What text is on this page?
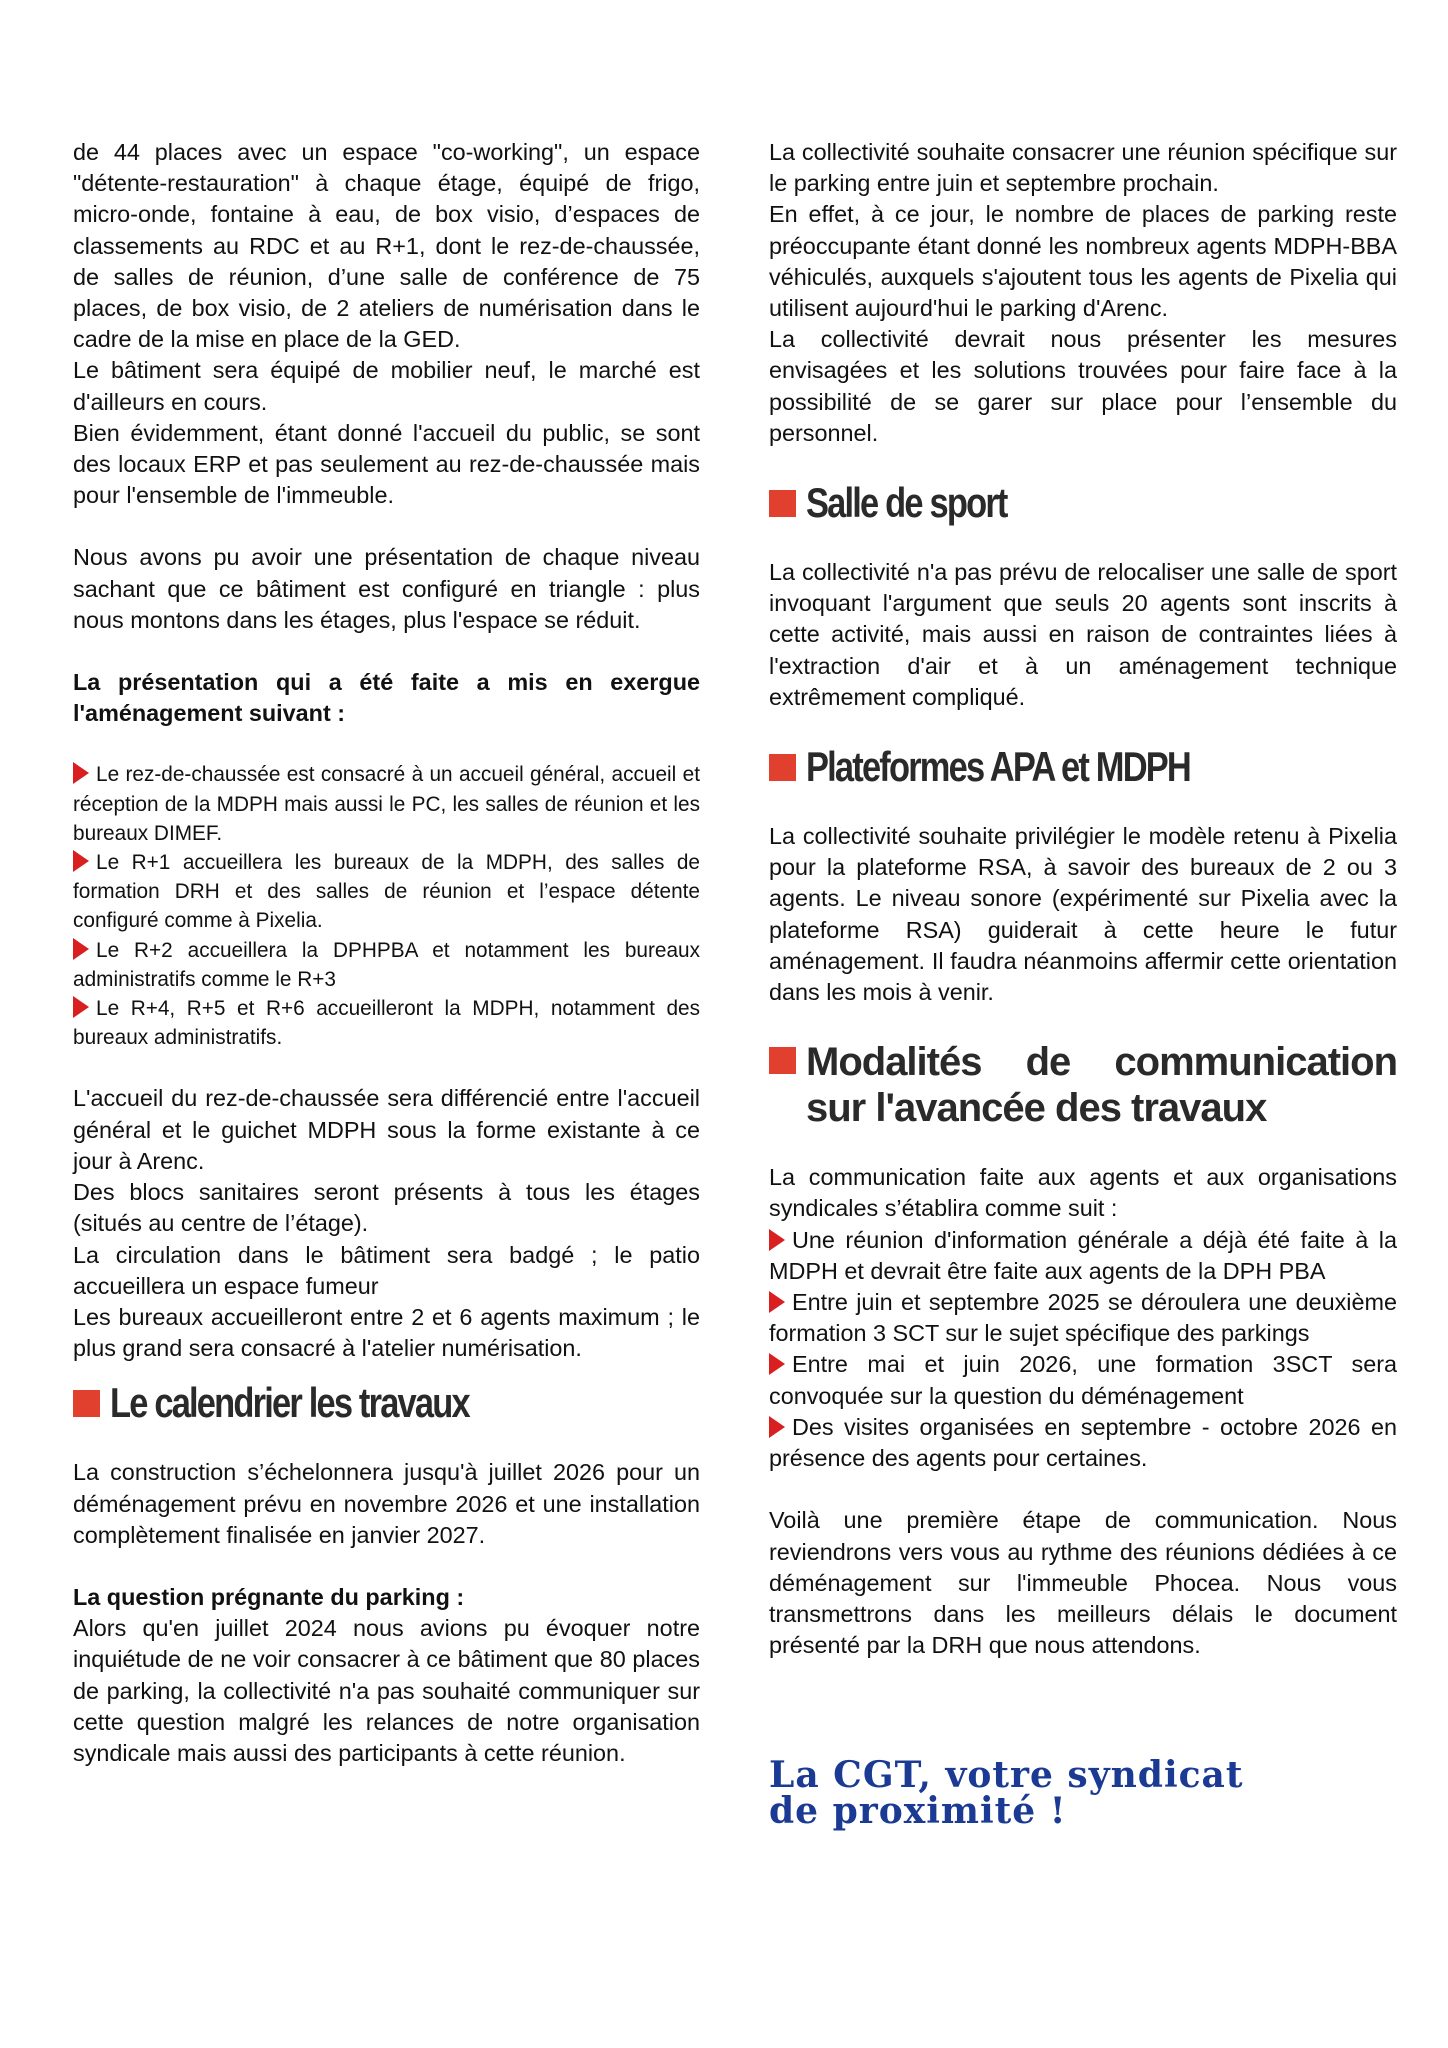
de 44 places avec un espace "co-working", un espace "détente-restauration" à chaque étage, équipé de frigo, micro-onde, fontaine à eau, de box visio, d’espaces de classements au RDC et au R+1, dont le rez-de-chaussée, de salles de réunion, d’une salle de conférence de 75 places, de box visio, de 2 ateliers de numérisation dans le cadre de la mise en place de la GED.

Le bâtiment sera équipé de mobilier neuf, le marché est d'ailleurs en cours.

Bien évidemment, étant donné l'accueil du public, se sont des locaux ERP et pas seulement au rez-de-chaussée mais pour l'ensemble de l'immeuble.

Nous avons pu avoir une présentation de chaque niveau sachant que ce bâtiment est configuré en triangle : plus nous montons dans les étages, plus l'espace se réduit.

La présentation qui a été faite a mis en exergue l'aménagement suivant :

Le rez-de-chaussée est consacré à un accueil général, accueil et réception de la MDPH mais aussi le PC, les salles de réunion et les bureaux DIMEF.

Le R+1 accueillera les bureaux de la MDPH, des salles de formation DRH et des salles de réunion et l’espace détente configuré comme à Pixelia.

Le R+2 accueillera la DPHPBA et notamment les bureaux administratifs comme le R+3

Le R+4, R+5 et R+6 accueilleront la MDPH, notamment des bureaux administratifs.

L'accueil du rez-de-chaussée sera différencié entre l'accueil général et le guichet MDPH sous la forme existante à ce jour à Arenc.

Des blocs sanitaires seront présents à tous les étages (situés au centre de l’étage).

La circulation dans le bâtiment sera badgé ; le patio accueillera un espace fumeur

Les bureaux accueilleront entre 2 et 6 agents maximum ; le plus grand sera consacré à l'atelier numérisation.

Le calendrier les travaux

La construction s’échelonnera jusqu'à juillet 2026 pour un déménagement prévu en novembre 2026 et une installation complètement finalisée en janvier 2027.

La question prégnante du parking :

Alors qu'en juillet 2024 nous avions pu évoquer notre inquiétude de ne voir consacrer à ce bâtiment que 80 places de parking, la collectivité n'a pas souhaité communiquer sur cette question malgré les relances de notre organisation syndicale mais aussi des participants à cette réunion.

La collectivité souhaite consacrer une réunion spécifique sur le parking entre juin et septembre prochain.

En effet, à ce jour, le nombre de places de parking reste préoccupante étant donné les nombreux agents MDPH-BBA véhiculés, auxquels s'ajoutent tous les agents de Pixelia qui utilisent aujourd'hui le parking d'Arenc.

La collectivité devrait nous présenter les mesures envisagées et les solutions trouvées pour faire face à la possibilité de se garer sur place pour l’ensemble du personnel.

Salle de sport

La collectivité n'a pas prévu de relocaliser une salle de sport invoquant l'argument que seuls 20 agents sont inscrits à cette activité, mais aussi en raison de contraintes liées à l'extraction d'air et à un aménagement technique extrêmement compliqué.

Plateformes APA et MDPH

La collectivité souhaite privilégier le modèle retenu à Pixelia pour la plateforme RSA, à savoir des bureaux de 2 ou 3 agents. Le niveau sonore (expérimenté sur Pixelia avec la plateforme RSA) guiderait à cette heure le futur aménagement. Il faudra néanmoins affermir cette orientation dans les mois à venir.

Modalités de communication sur l'avancée des travaux

La communication faite aux agents et aux organisations syndicales s’établira comme suit :

Une réunion d'information générale a déjà été faite à la MDPH et devrait être faite aux agents de la DPH PBA

Entre juin et septembre 2025 se déroulera une deuxième formation 3 SCT sur le sujet spécifique des parkings

Entre mai et juin 2026, une formation 3SCT sera convoquée sur la question du déménagement

Des visites organisées en septembre - octobre 2026 en présence des agents pour certaines.

Voilà une première étape de communication. Nous reviendrons vers vous au rythme des réunions dédiées à ce déménagement sur l'immeuble Phocea. Nous vous transmettrons dans les meilleurs délais le document présenté par la DRH que nous attendons.

La CGT, votre syndicat

de proximité !
